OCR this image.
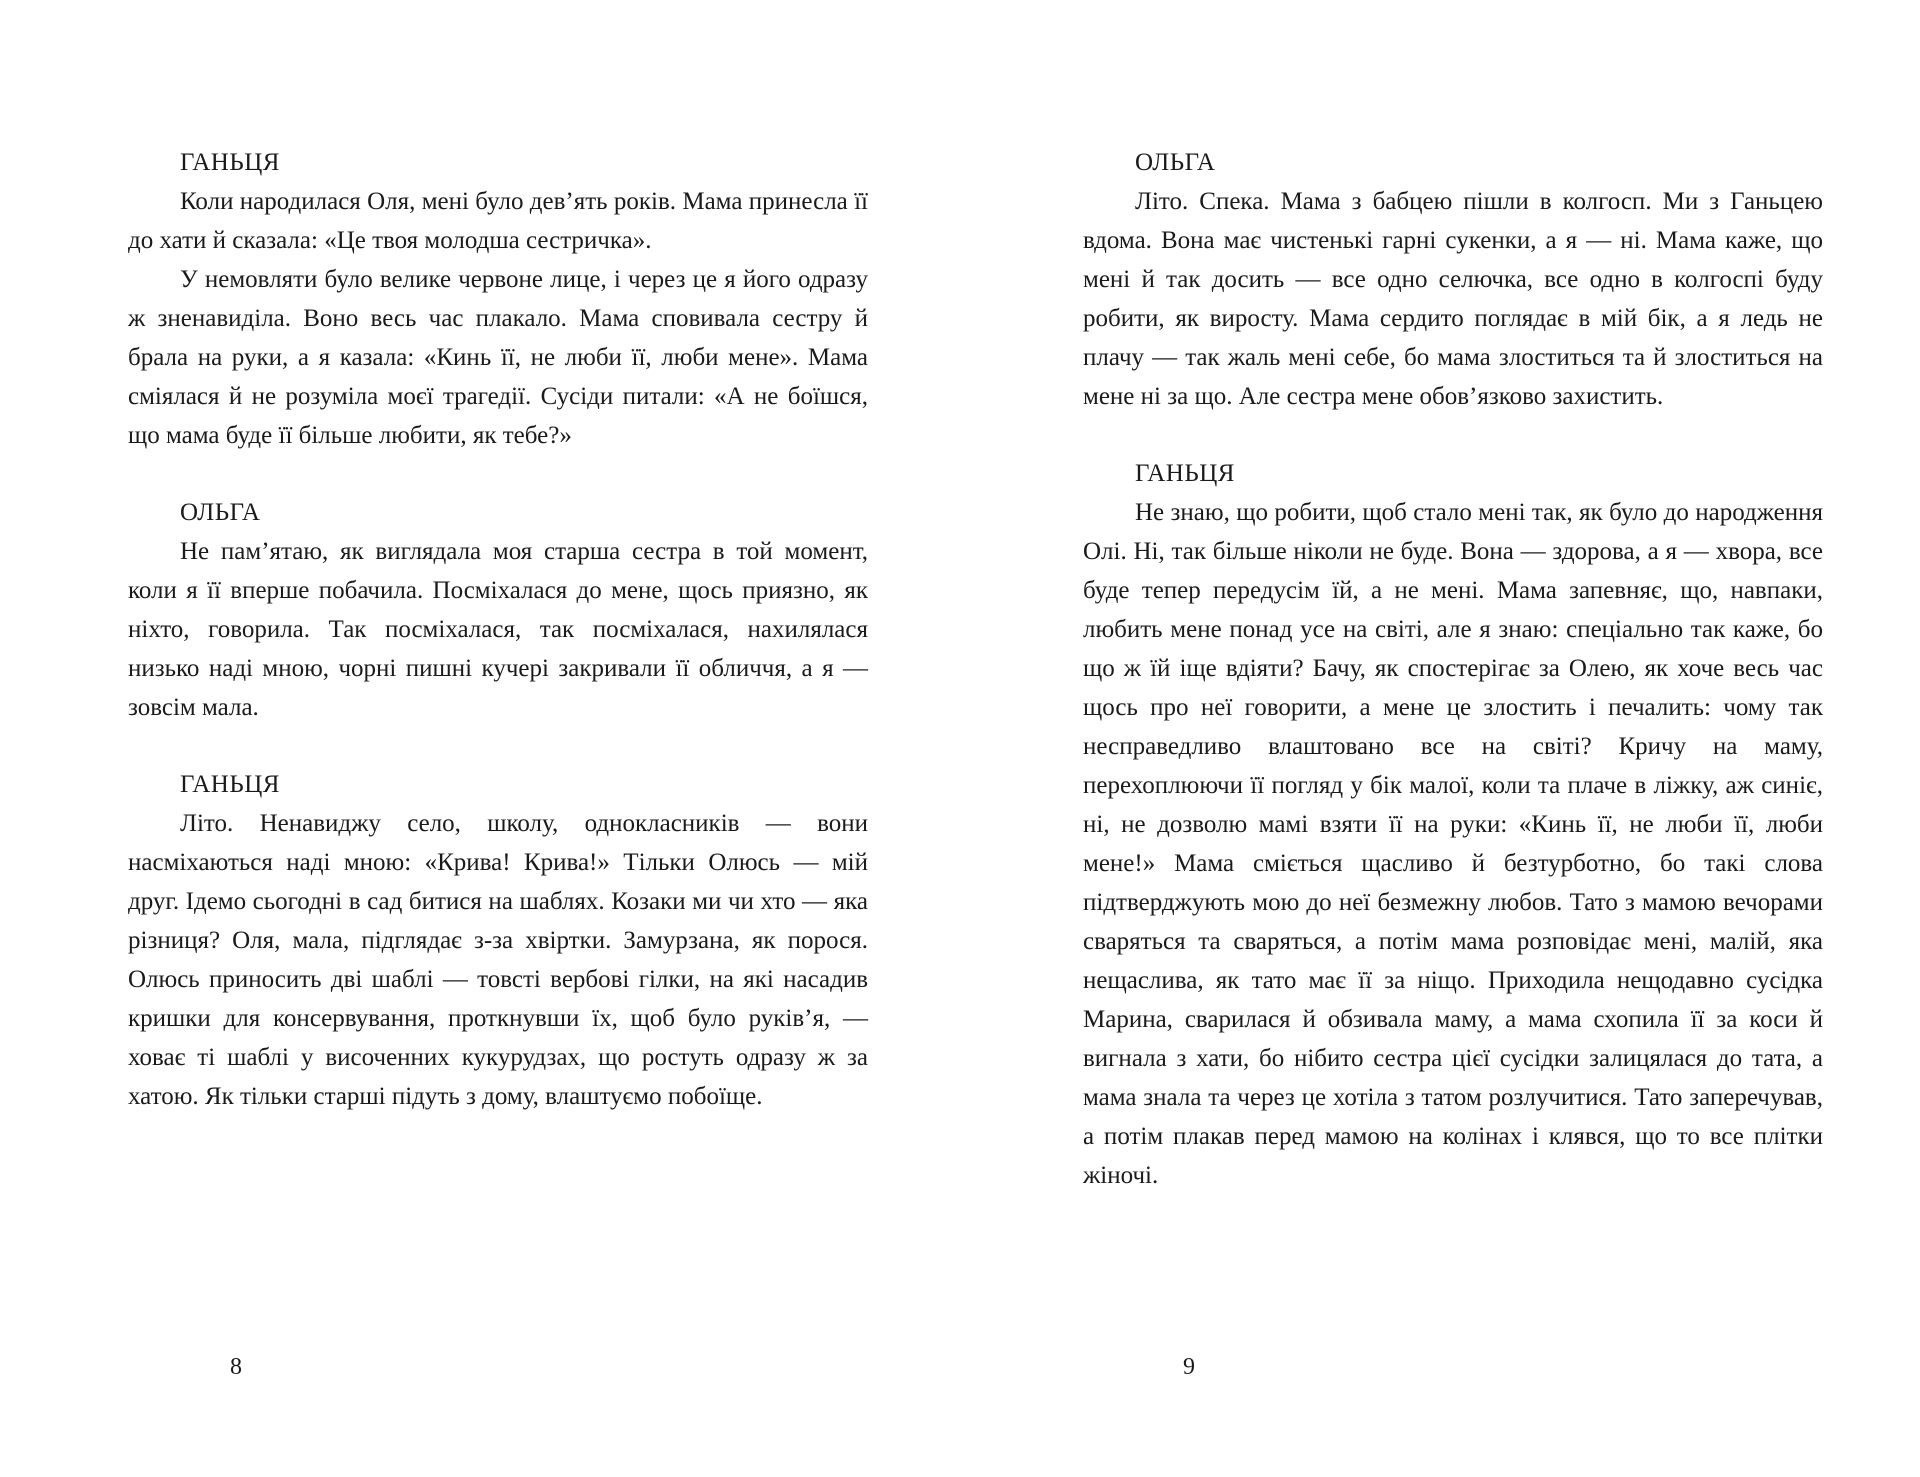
ГАНЬЦЯ

Коли народилася Оля, мені було дев’ять років. Мама принесла її до хати й сказала: «Це твоя молодша сестричка».

У немовляти було велике червоне лице, і через це я його одразу ж зненавиділа. Воно весь час плакало. Мама сповивала сестру й брала на руки, а я казала: «Кинь її, не люби її, люби мене». Мама сміялася й не розуміла моєї трагедії. Сусіди питали: «А не боїшся, що мама буде її більше любити, як тебе?»

ОЛЬГА

Не пам’ятаю, як виглядала моя старша сестра в той момент, коли я її вперше побачила. Посміхалася до мене, щось приязно, як ніхто, говорила. Так посміхалася, так посміхалася, нахилялася низько наді мною, чорні пишні кучері закривали її обличчя, а я — зовсім мала.

ГАНЬЦЯ

Літо. Ненавиджу село, школу, однокласників — вони насміхаються наді мною: «Крива! Крива!» Тільки Олюсь — мій друг. Ідемо сьогодні в сад битися на шаблях. Козаки ми чи хто — яка різниця? Оля, мала, підглядає з-за хвіртки. Замурзана, як порося. Олюсь приносить дві шаблі — товсті вербові гілки, на які насадив кришки для консервування, проткнувши їх, щоб було руків’я, — ховає ті шаблі у височенних кукурудзах, що ростуть одразу ж за хатою. Як тільки старші підуть з дому, влаштуємо побоїще.

8

ОЛЬГА

Літо. Спека. Мама з бабцею пішли в колгосп. Ми з Ганьцею вдома. Вона має чистенькі гарні сукенки, а я — ні. Мама каже, що мені й так досить — все одно селючка, все одно в колгоспі буду робити, як виросту. Мама сердито поглядає в мій бік, а я ледь не плачу — так жаль мені себе, бо мама злоститься та й злоститься на мене ні за що. Але сестра мене обов’язково захистить.

ГАНЬЦЯ

Не знаю, що робити, щоб стало мені так, як було до народження Олі. Ні, так більше ніколи не буде. Вона — здорова, а я — хвора, все буде тепер передусім їй, а не мені. Мама запевняє, що, навпаки, любить мене понад усе на світі, але я знаю: спеціально так каже, бо що ж їй іще вдіяти? Бачу, як спостерігає за Олею, як хоче весь час щось про неї говорити, а мене це злостить і печалить: чому так несправедливо влаштовано все на світі? Кричу на маму, перехоплюючи її погляд у бік малої, коли та плаче в ліжку, аж синіє, ні, не дозволю мамі взяти її на руки: «Кинь її, не люби її, люби мене!» Мама сміється щасливо й безтурботно, бо такі слова підтверджують мою до неї безмежну любов. Тато з мамою вечорами сваряться та сваряться, а потім мама розповідає мені, малій, яка нещаслива, як тато має її за ніщо. Приходила нещодавно сусідка Марина, сварилася й обзивала маму, а мама схопила її за коси й вигнала з хати, бо нібито сестра цієї сусідки залицялася до тата, а мама знала та через це хотіла з татом розлучитися. Тато заперечував, а потім плакав перед мамою на колінах і клявся, що то все плітки жіночі.

9
